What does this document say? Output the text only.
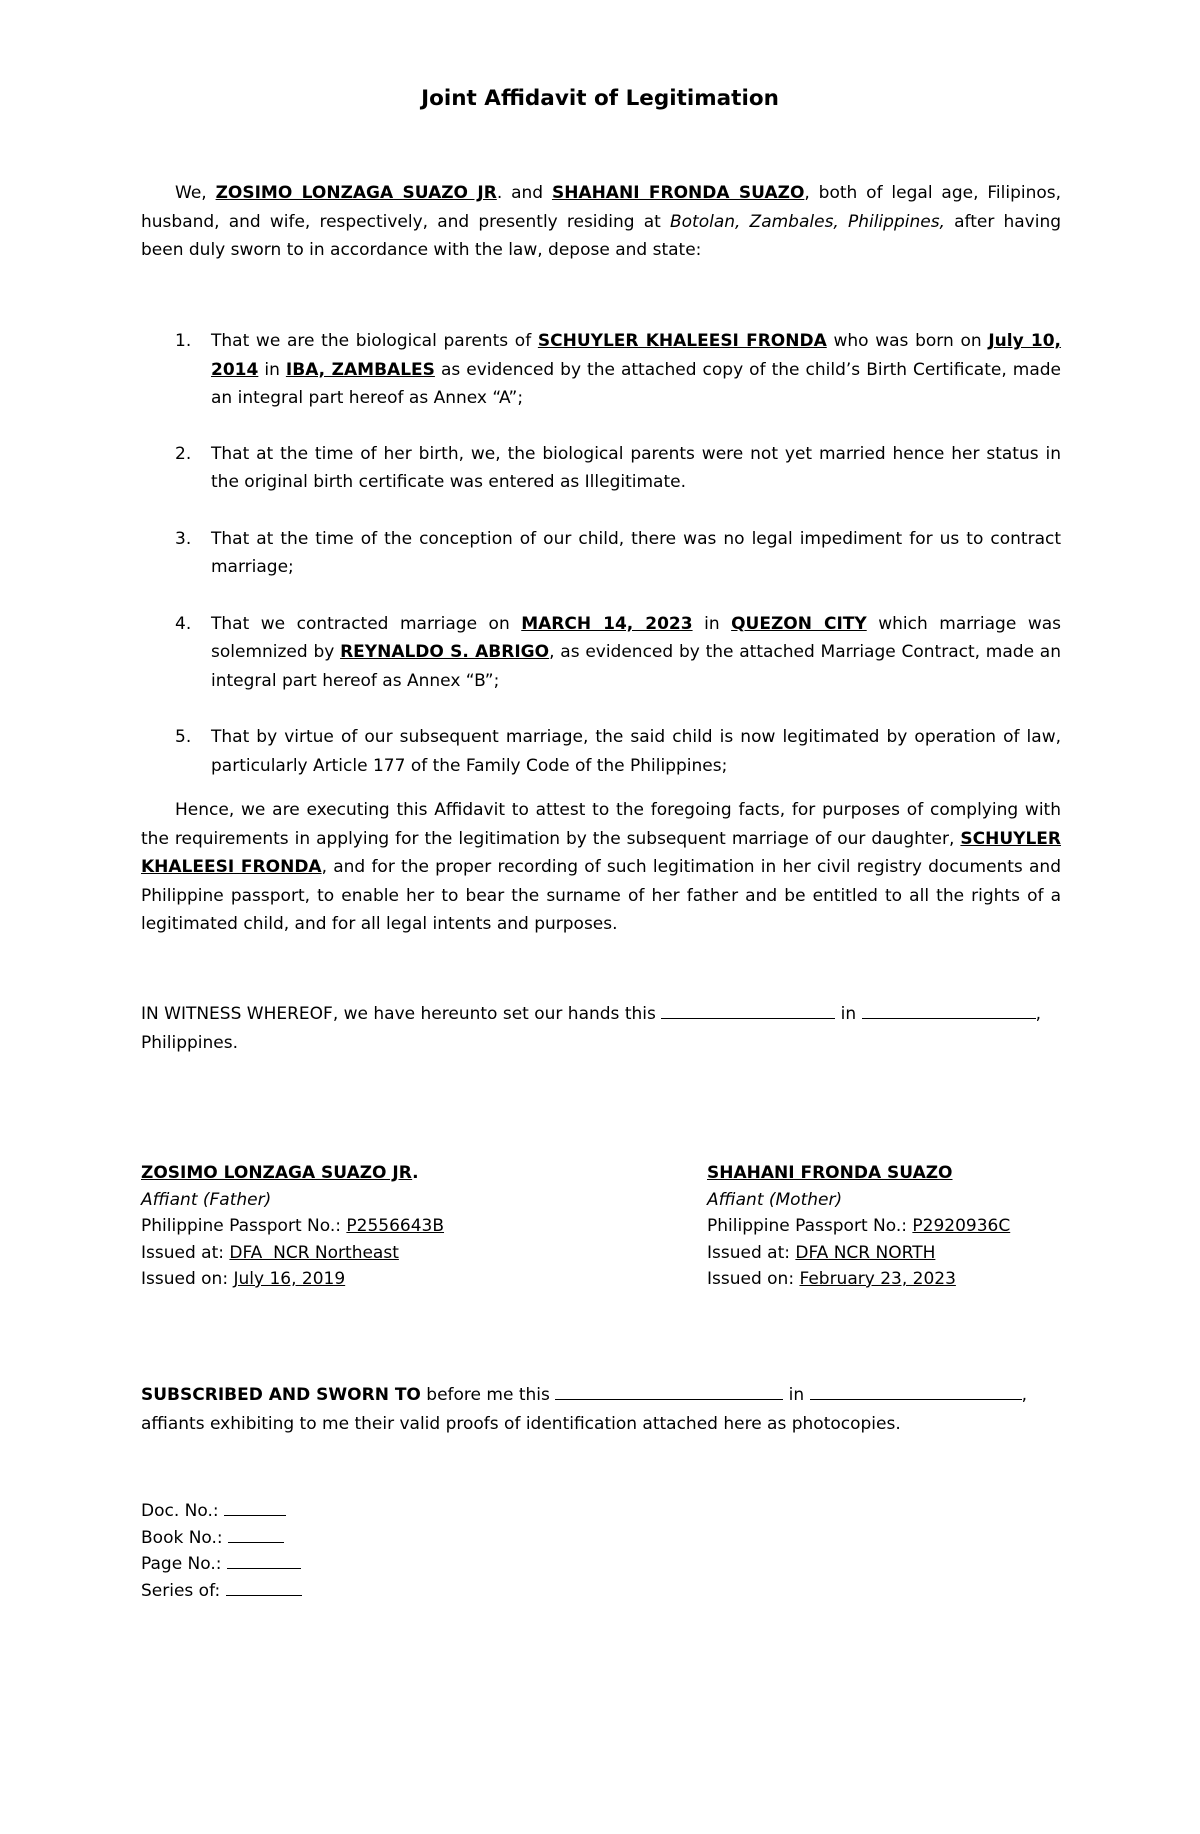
Joint Affidavit of Legitimation

We, ZOSIMO LONZAGA SUAZO JR. and SHAHANI FRONDA SUAZO, both of legal age, Filipinos, husband, and wife, respectively, and presently residing at Botolan, Zambales, Philippines, after having been duly sworn to in accordance with the law, depose and state:

1. That we are the biological parents of SCHUYLER KHALEESI FRONDA who was born on July 10, 2014 in IBA, ZAMBALES as evidenced by the attached copy of the child’s Birth Certificate, made an integral part hereof as Annex “A”;
2. That at the time of her birth, we, the biological parents were not yet married hence her status in the original birth certificate was entered as Illegitimate.
3. That at the time of the conception of our child, there was no legal impediment for us to contract marriage;
4. That we contracted marriage on MARCH 14, 2023 in QUEZON CITY which marriage was solemnized by REYNALDO S. ABRIGO, as evidenced by the attached Marriage Contract, made an integral part hereof as Annex “B”;
5. That by virtue of our subsequent marriage, the said child is now legitimated by operation of law, particularly Article 177 of the Family Code of the Philippines;

Hence, we are executing this Affidavit to attest to the foregoing facts, for purposes of complying with the requirements in applying for the legitimation by the subsequent marriage of our daughter, SCHUYLER KHALEESI FRONDA, and for the proper recording of such legitimation in her civil registry documents and Philippine passport, to enable her to bear the surname of her father and be entitled to all the rights of a legitimated child, and for all legal intents and purposes.

IN WITNESS WHEREOF, we have hereunto set our hands this	in	,
Philippines.
ZOSIMO LONZAGA SUAZO JR.
Affiant (Father)
Philippine Passport No.: P2556643B
Issued at: DFA  NCR Northeast
Issued on: July 16, 2019
SHAHANI FRONDA SUAZO
Affiant (Mother)
Philippine Passport No.: P2920936C
Issued at: DFA NCR NORTH
Issued on: February 23, 2023
SUBSCRIBED AND SWORN TO before me this	in	,
affiants exhibiting to me their valid proofs of identification attached here as photocopies.
Doc. No.:
Book No.:
Page No.:
Series of:
